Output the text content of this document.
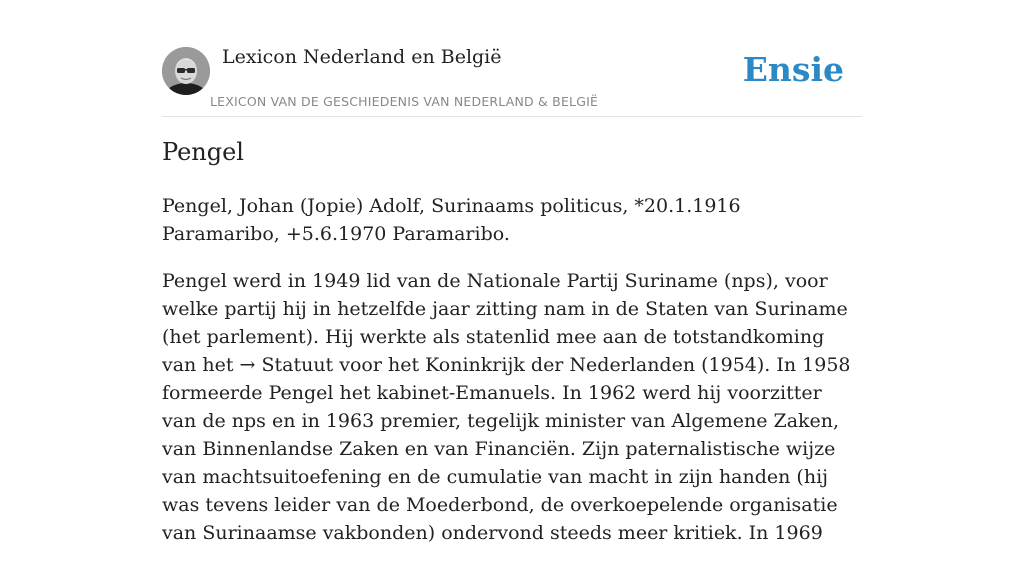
Lexicon Nederland en België
LEXICON VAN DE GESCHIEDENIS VAN NEDERLAND & BELGIË
Ensie
Pengel

Pengel, Johan (Jopie) Adolf, Surinaams politicus, *20.1.1916 Paramaribo, +5.6.1970 Paramaribo.

Pengel werd in 1949 lid van de Nationale Partij Suriname (nps), voor welke partij hij in hetzelfde jaar zitting nam in de Staten van Suriname (het parlement). Hij werkte als statenlid mee aan de totstandkoming van het → Statuut voor het Koninkrijk der Nederlanden (1954). In 1958 formeerde Pengel het kabinet-Emanuels. In 1962 werd hij voorzitter van de nps en in 1963 premier, tegelijk minister van Algemene Zaken, van Binnenlandse Zaken en van Financiën. Zijn paternalistische wijze van machtsuitoefening en de cumulatie van macht in zijn handen (hij was tevens leider van de Moederbond, de overkoepelende organisatie van Surinaamse vakbonden) ondervond steeds meer kritiek. In 1969
